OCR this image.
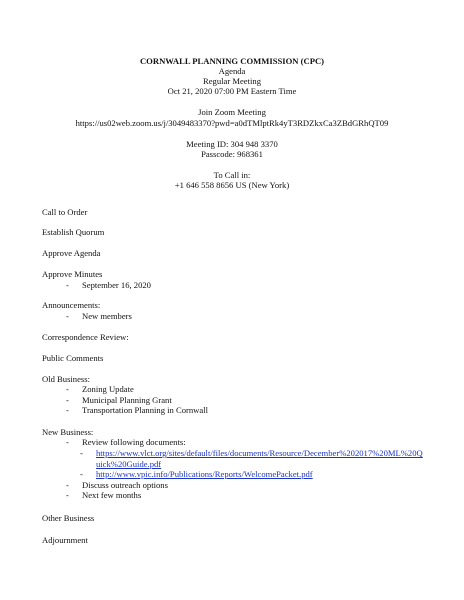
CORNWALL PLANNING COMMISSION (CPC)
Agenda
Regular Meeting
Oct 21, 2020 07:00 PM Eastern Time
Join Zoom Meeting
https://us02web.zoom.us/j/3049483370?pwd=a0dTMlptRk4yT3RDZkxCa3ZBdGRhQT09
Meeting ID: 304 948 3370
Passcode: 968361
To Call in:
+1 646 558 8656 US (New York)
Call to Order
Establish Quorum
Approve Agenda
Approve Minutes
- September 16, 2020
Announcements:
- New members
Correspondence Review:
Public Comments
Old Business:
- Zoning Update
- Municipal Planning Grant
- Transportation Planning in Cornwall
New Business:
- Review following documents:
- https://www.vlct.org/sites/default/files/documents/Resource/December%202017%20ML%20Quick%20Guide.pdf
- http://www.vpic.info/Publications/Reports/WelcomePacket.pdf
- Discuss outreach options
- Next few months
Other Business
Adjournment
